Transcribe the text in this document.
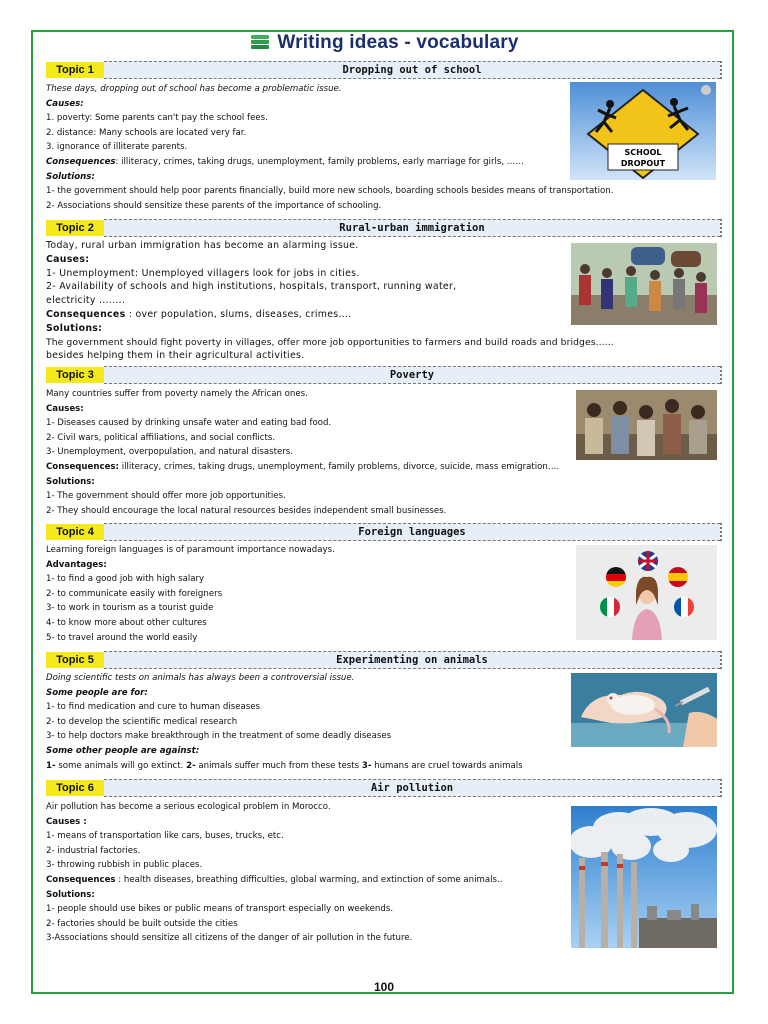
Writing ideas - vocabulary
Topic 1	Dropping out of school
These days, dropping out of school has become a problematic issue.
Causes:
1. poverty: Some parents can't pay the school fees.
2. distance: Many schools are located very far.
3. ignorance of illiterate parents.
Consequences: illiteracy, crimes, taking drugs, unemployment, family problems, early marriage for girls, ……
Solutions:
1- the government should help poor parents financially, build more new schools, boarding schools besides means of transportation.
2- Associations should sensitize these parents of the importance of schooling.
SCHOOL
DROPOUT
Topic 2	Rural-urban immigration
Today, rural urban immigration has become an alarming issue.
Causes:
1- Unemployment: Unemployed villagers look for jobs in cities.
2- Availability of schools and high institutions, hospitals, transport, running water,
electricity ........
Consequences : over population, slums, diseases, crimes….
Solutions:
The government should fight poverty in villages, offer more job opportunities to farmers and build roads and bridges......
besides helping them in their agricultural activities.
Topic 3	Poverty
Many countries suffer from poverty namely the African ones.
Causes:
1- Diseases caused by drinking unsafe water and eating bad food.
2- Civil wars, political affiliations, and social conflicts.
3- Unemployment, overpopulation, and natural disasters.
Consequences: illiteracy, crimes, taking drugs, unemployment, family problems, divorce, suicide, mass emigration….
Solutions:
1- The government should offer more job opportunities.
2- They should encourage the local natural resources besides independent small businesses.
Topic 4	Foreign languages
Learning foreign languages is of paramount importance nowadays.
Advantages:
1- to find a good job with high salary
2- to communicate easily with foreigners
3- to work in tourism as a tourist guide
4- to know more about other cultures
5- to travel around the world easily
Topic 5	Experimenting on animals
Doing scientific tests on animals has always been a controversial issue.
Some people are for:
1- to find medication and cure to human diseases
2- to develop the scientific medical research
3- to help doctors make breakthrough in the treatment of some deadly diseases
Some other people are against:
1- some animals will go extinct. 2- animals suffer much from these tests 3- humans are cruel towards animals
Topic 6	Air pollution
Air pollution has become a serious ecological problem in Morocco.
Causes :
1- means of transportation like cars, buses, trucks, etc.
2- industrial factories.
3- throwing rubbish in public places.
Consequences : health diseases, breathing difficulties, global warming, and extinction of some animals..
Solutions:
1- people should use bikes or public means of transport especially on weekends.
2- factories should be built outside the cities
3-Associations should sensitize all citizens of the danger of air pollution in the future.
100
